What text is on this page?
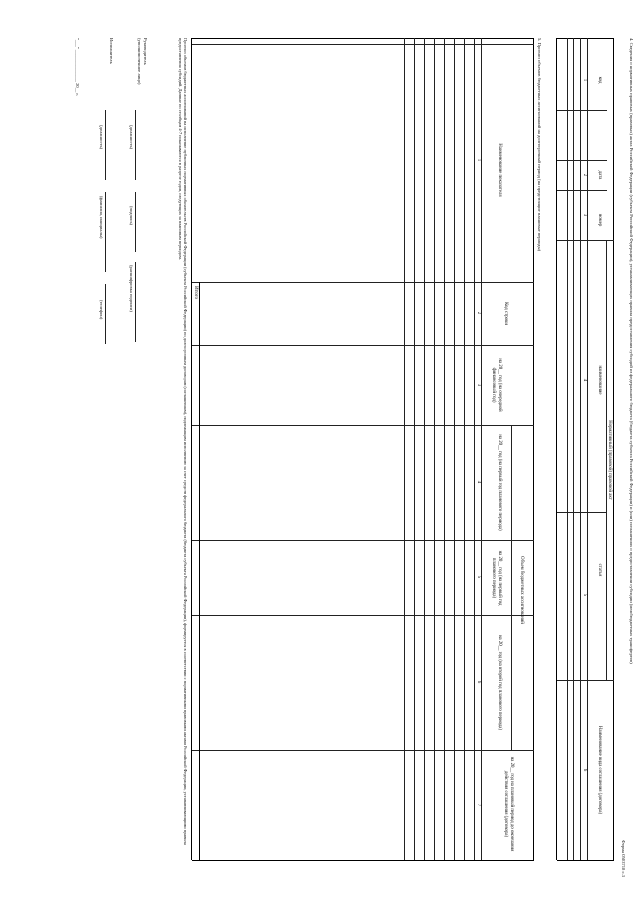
Форма 0503718 с.3
4. Сведения о нормативных правовых (правовых) актах Российской Федерации (субъекта Российской Федерации), устанавливающих правила предоставления субсидий из федерального бюджета (бюджета субъекта Российской Федерации) и (или) соглашениях о предоставлении субсидии (межбюджетных трансфертов)
Нормативный (правовой) правовой акт
код
дата
номер
наименование
статья
Наименование вида соглашения (договора)
1
2
3
4
5
6
5. Прогноз объемов бюджетных ассигнований на долгосрочный период (на предстоящие плановые периоды)
Наименование показателя
Код строки
Объем бюджетных ассигнований
на 20__ год (на очередной финансовый год)
на 20__ год (на первый год планового периода)
на 20__ год (на первый год планового периода)
на 20__ год (на второй год планового периода)
на 20__ год на плановый период до окончания действия соглашения (договора)
1
2
3
4
5
6
7
Итого
Прогноз объемов бюджетных ассигнований на исполнение публичных нормативных обязательств Российской Федерации (субъекта Российской Федерации) по долгосрочным договорам (соглашениям), подлежащим исполнению за счет средств федерального бюджета (бюджета субъекта Российской Федерации), формируется в соответствии с нормативными правовыми актами Российской Федерации, устанавливающими правила предоставления субсидий. Данные по столбцам 4-7 показываются в разрезе годов, следующих за плановым периодом.
Руководитель (уполномоченное лицо)
(должность)
(подпись)
(расшифровка подписи)
Исполнитель
(должность)
(фамилия, инициалы)
(телефон)
"___" ______________ 20__ г.
